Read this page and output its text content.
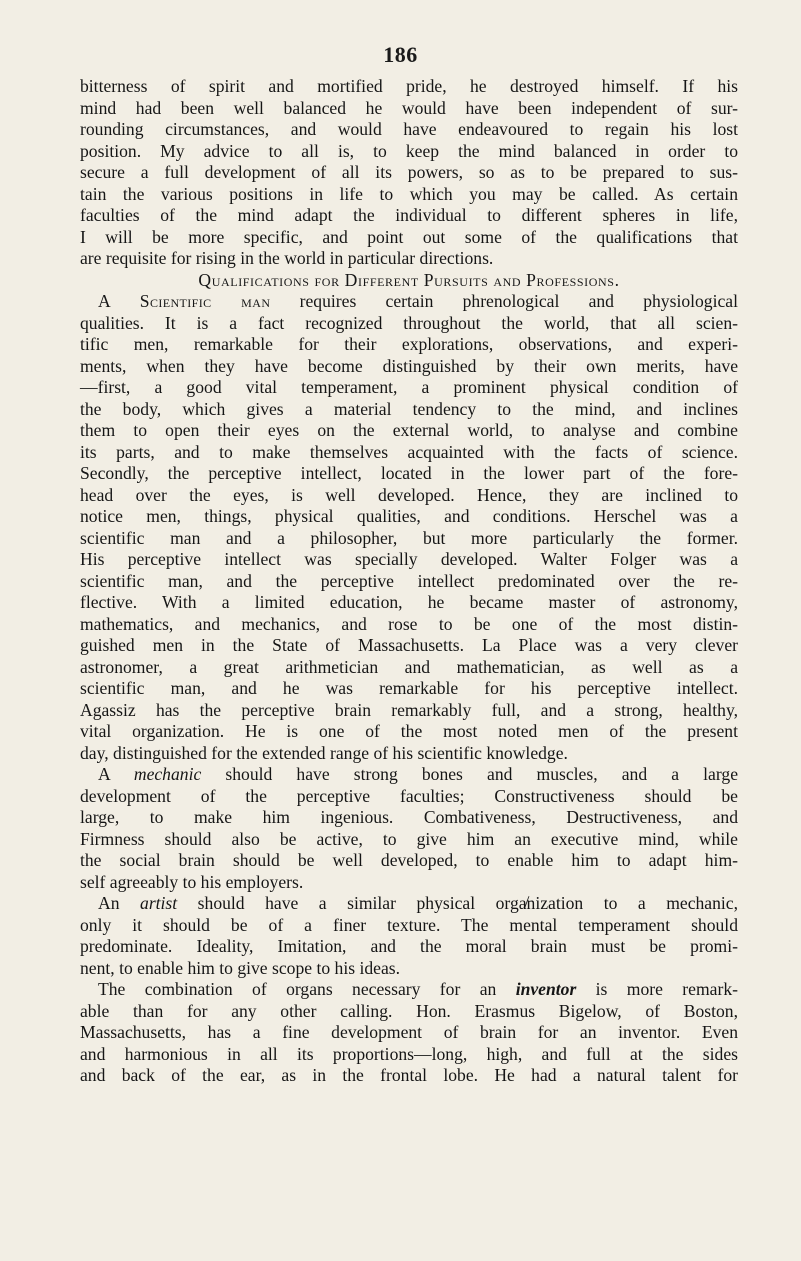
186
bitterness of spirit and mortified pride, he destroyed himself. If his
mind had been well balanced he would have been independent of sur-
rounding circumstances, and would have endeavoured to regain his lost
position. My advice to all is, to keep the mind balanced in order to
secure a full development of all its powers, so as to be prepared to sus-
tain the various positions in life to which you may be called. As certain
faculties of the mind adapt the individual to different spheres in life,
I will be more specific, and point out some of the qualifications that
are requisite for rising in the world in particular directions.
Qualifications for Different Pursuits and Professions.
A Scientific man requires certain phrenological and physiological
qualities. It is a fact recognized throughout the world, that all scien-
tific men, remarkable for their explorations, observations, and experi-
ments, when they have become distinguished by their own merits, have
—first, a good vital temperament, a prominent physical condition of
the body, which gives a material tendency to the mind, and inclines
them to open their eyes on the external world, to analyse and combine
its parts, and to make themselves acquainted with the facts of science.
Secondly, the perceptive intellect, located in the lower part of the fore-
head over the eyes, is well developed. Hence, they are inclined to
notice men, things, physical qualities, and conditions. Herschel was a
scientific man and a philosopher, but more particularly the former.
His perceptive intellect was specially developed. Walter Folger was a
scientific man, and the perceptive intellect predominated over the re-
flective. With a limited education, he became master of astronomy,
mathematics, and mechanics, and rose to be one of the most distin-
guished men in the State of Massachusetts. La Place was a very clever
astronomer, a great arithmetician and mathematician, as well as a
scientific man, and he was remarkable for his perceptive intellect.
Agassiz has the perceptive brain remarkably full, and a strong, healthy,
vital organization. He is one of the most noted men of the present
day, distinguished for the extended range of his scientific knowledge.
A mechanic should have strong bones and muscles, and a large
development of the perceptive faculties; Constructiveness should be
large, to make him ingenious. Combativeness, Destructiveness, and
Firmness should also be active, to give him an executive mind, while
the social brain should be well developed, to enable him to adapt him-
self agreeably to his employers.
An artist should have a similar physical orga̸nization to a mechanic,
only it should be of a finer texture. The mental temperament should
predominate. Ideality, Imitation, and the moral brain must be promi-
nent, to enable him to give scope to his ideas.
The combination of organs necessary for an inventor is more remark-
able than for any other calling. Hon. Erasmus Bigelow, of Boston,
Massachusetts, has a fine development of brain for an inventor. Even
and harmonious in all its proportions—long, high, and full at the sides
and back of the ear, as in the frontal lobe. He had a natural talent for
